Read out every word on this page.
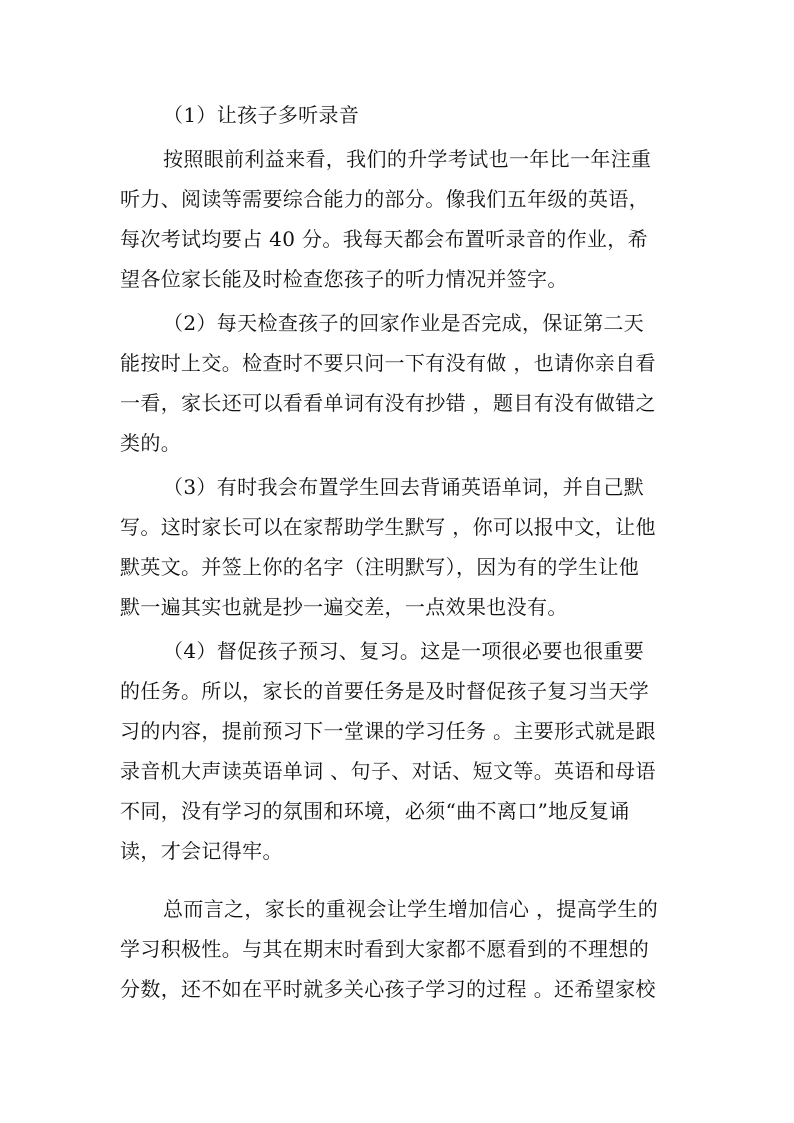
（1）让孩子多听录音
按照眼前利益来看，我们的升学考试也一年比一年注重
听力、阅读等需要综合能力的部分。像我们五年级的英语，
每次考试均要占 40 分。我每天都会布置听录音的作业，希
望各位家长能及时检查您孩子的听力情况并签字。
（2）每天检查孩子的回家作业是否完成，保证第二天
能按时上交。检查时不要只问一下有没有做 ，也请你亲自看
一看，家长还可以看看单词有没有抄错 ，题目有没有做错之
类的。
（3）有时我会布置学生回去背诵英语单词，并自己默
写。这时家长可以在家帮助学生默写 ，你可以报中文，让他
默英文。并签上你的名字（注明默写），因为有的学生让他
默一遍其实也就是抄一遍交差，一点效果也没有。
（4）督促孩子预习、复习。这是一项很必要也很重要
的任务。所以，家长的首要任务是及时督促孩子复习当天学
习的内容，提前预习下一堂课的学习任务 。主要形式就是跟
录音机大声读英语单词 、句子、对话、短文等。英语和母语
不同，没有学习的氛围和环境，必须“曲不离口”地反复诵
读，才会记得牢。
总而言之，家长的重视会让学生增加信心 ，提高学生的
学习积极性。与其在期末时看到大家都不愿看到的不理想的
分数，还不如在平时就多关心孩子学习的过程 。还希望家校
